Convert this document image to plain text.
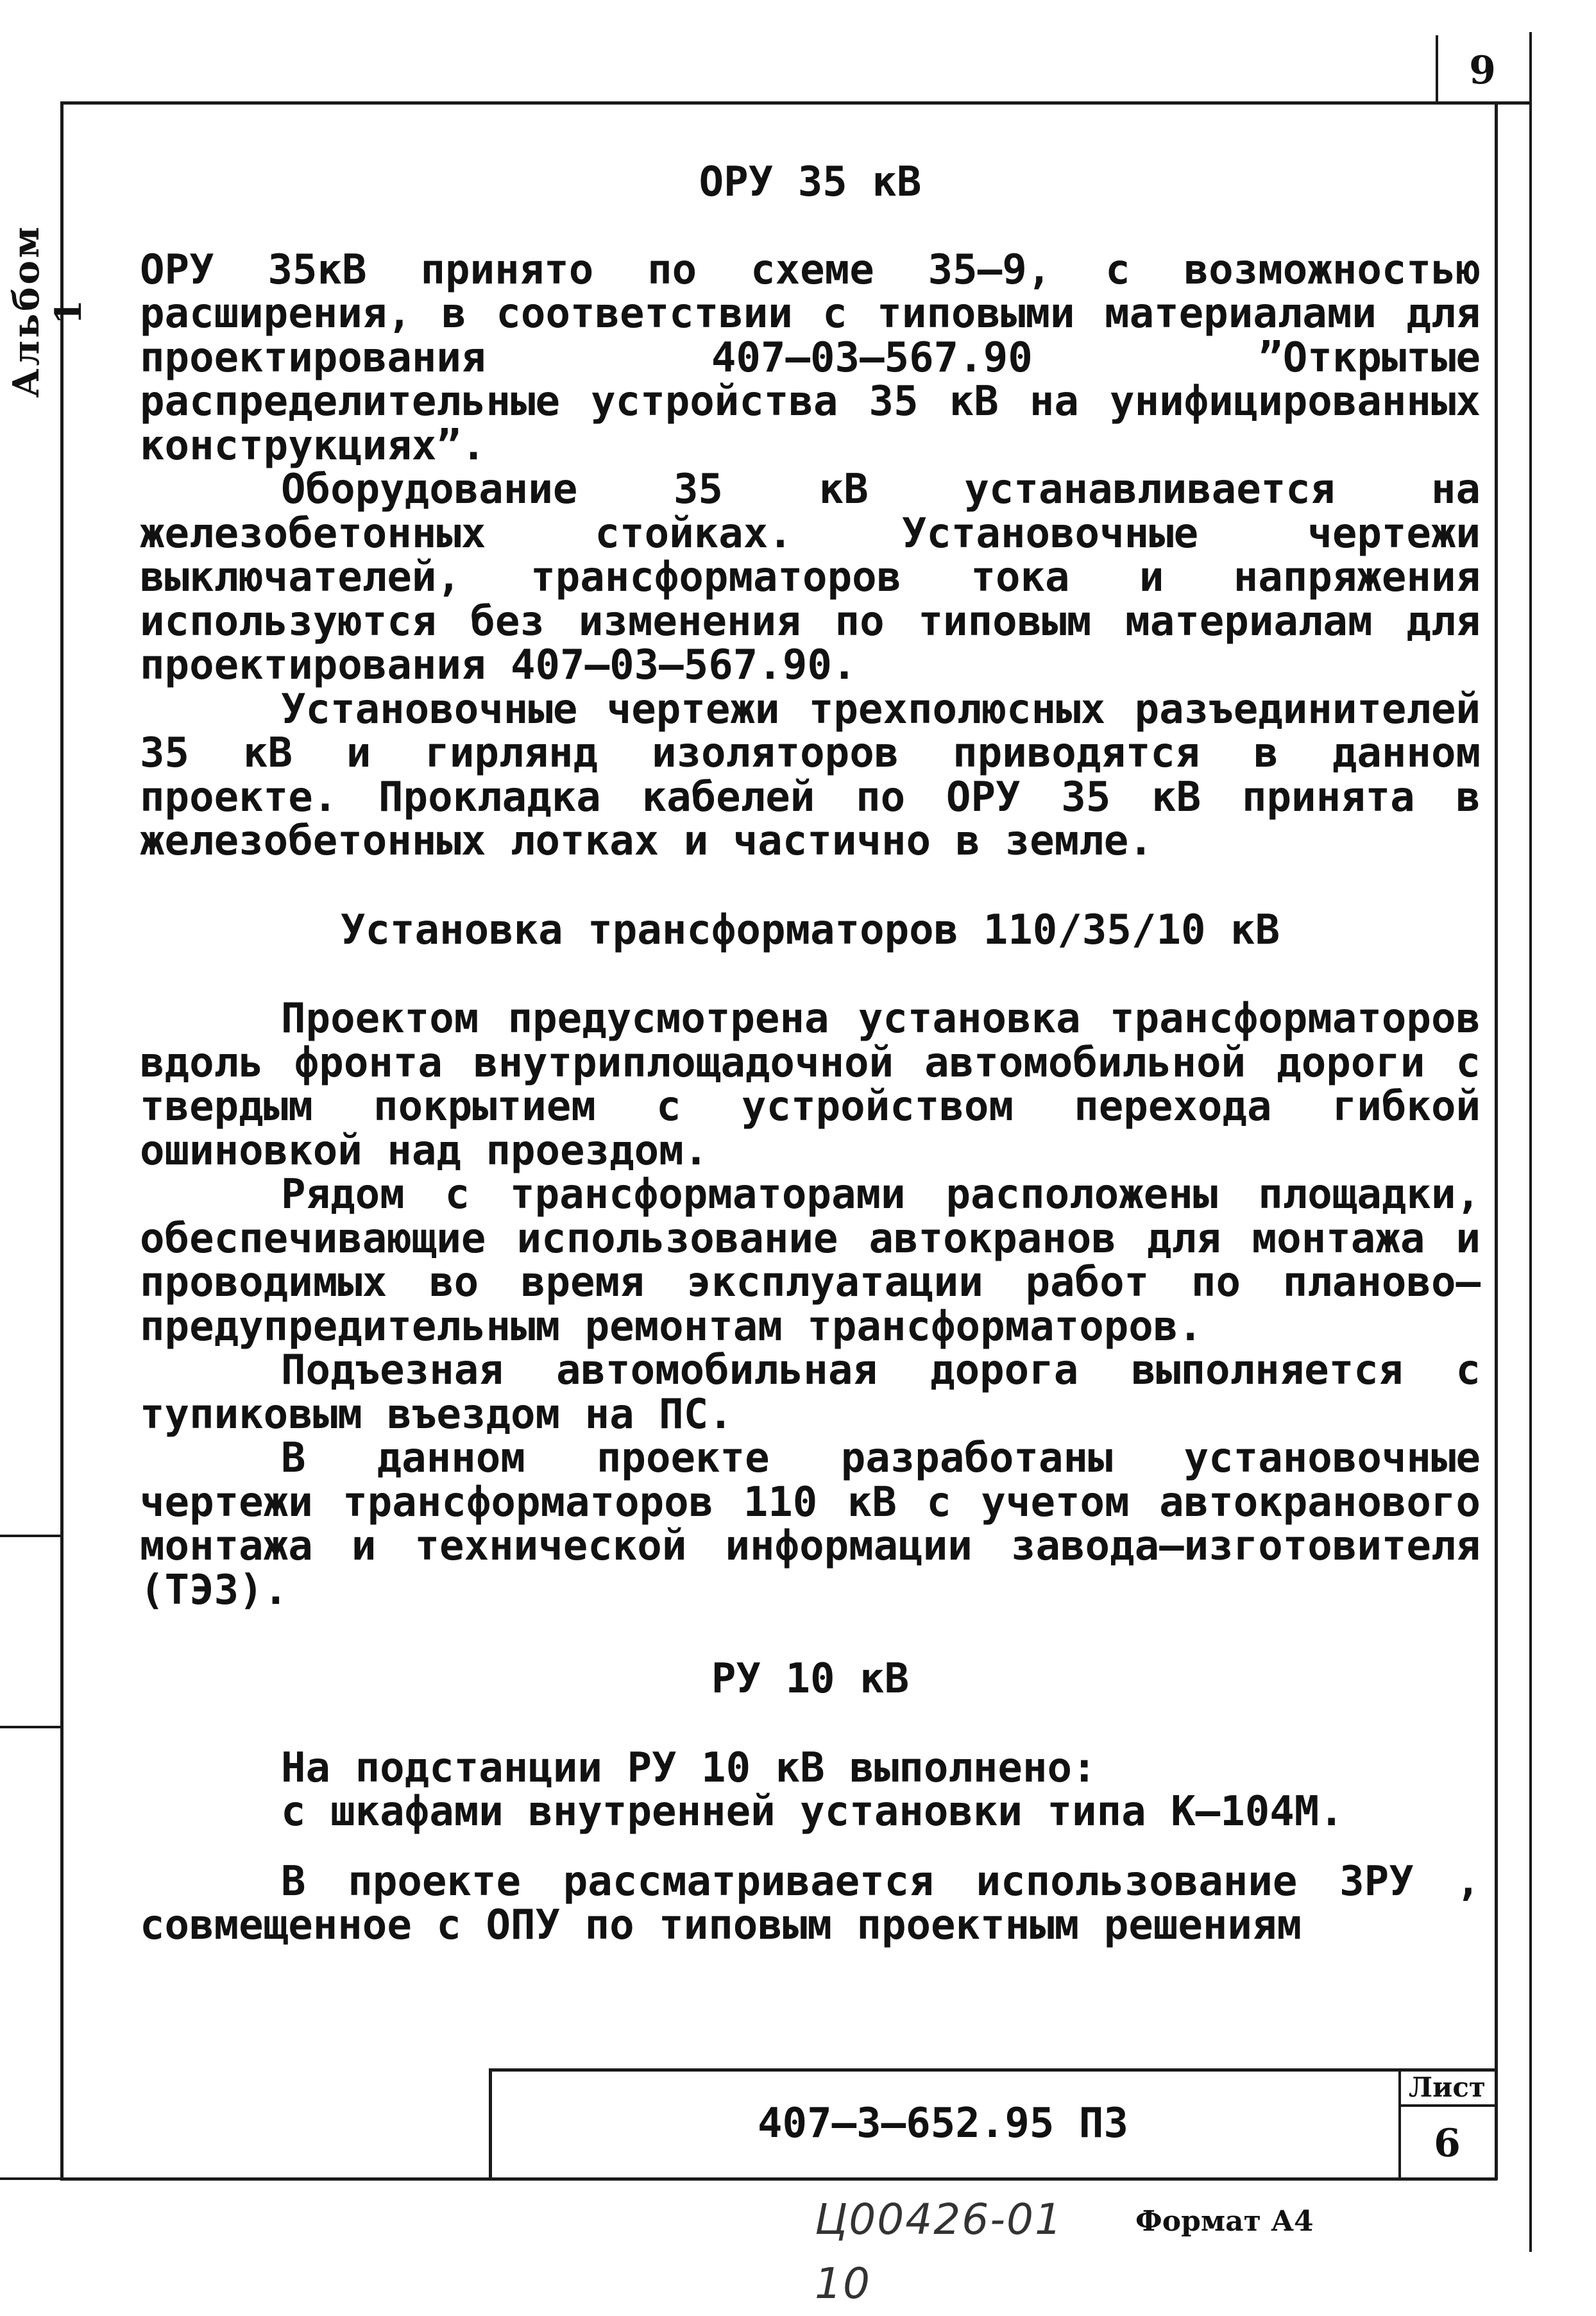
9
Альбом 1

ОРУ 35 кВ

ОРУ 35кВ принято по схеме 35–9, с возможностью расширения, в соответствии с типовыми материалами для проектирования 407–03–567.90 ”Открытые распределительные устройства 35 кВ на унифицированных конструкциях”.

Оборудование 35 кВ устанавливается на железобетонных стойках. Установочные чертежи выключателей, трансформаторов тока и напряжения используются без изменения по типовым материалам для проектирования 407–03–567.90.

Установочные чертежи трехполюсных разъединителей 35 кВ и гирлянд изоляторов приводятся в данном проекте. Прокладка кабелей по ОРУ 35 кВ принята в железобетонных лотках и частично в земле.

Установка трансформаторов 110/35/10 кВ

Проектом предусмотрена установка трансформаторов вдоль фронта внутриплощадочной автомобильной дороги с твердым покрытием с устройством перехода гибкой ошиновкой над проездом.

Рядом с трансформаторами расположены площадки, обеспечивающие использование автокранов для монтажа и проводимых во время эксплуатации работ по планово–предупредительным ремонтам трансформаторов.

Подъезная автомобильная дорога выполняется с тупиковым въездом на ПС.

В данном проекте разработаны установочные чертежи трансформаторов 110 кВ с учетом автокранового монтажа и технической информации завода–изготовителя (ТЭЗ).

РУ 10 кВ

На подстанции РУ 10 кВ выполнено:

с шкафами внутренней установки типа К–104М.

В проекте рассматривается использование ЗРУ , совмещенное с ОПУ по типовым проектным решениям

407–3–652.95 ПЗ
Лист
6
Ц00426-01 10
Формат А4
